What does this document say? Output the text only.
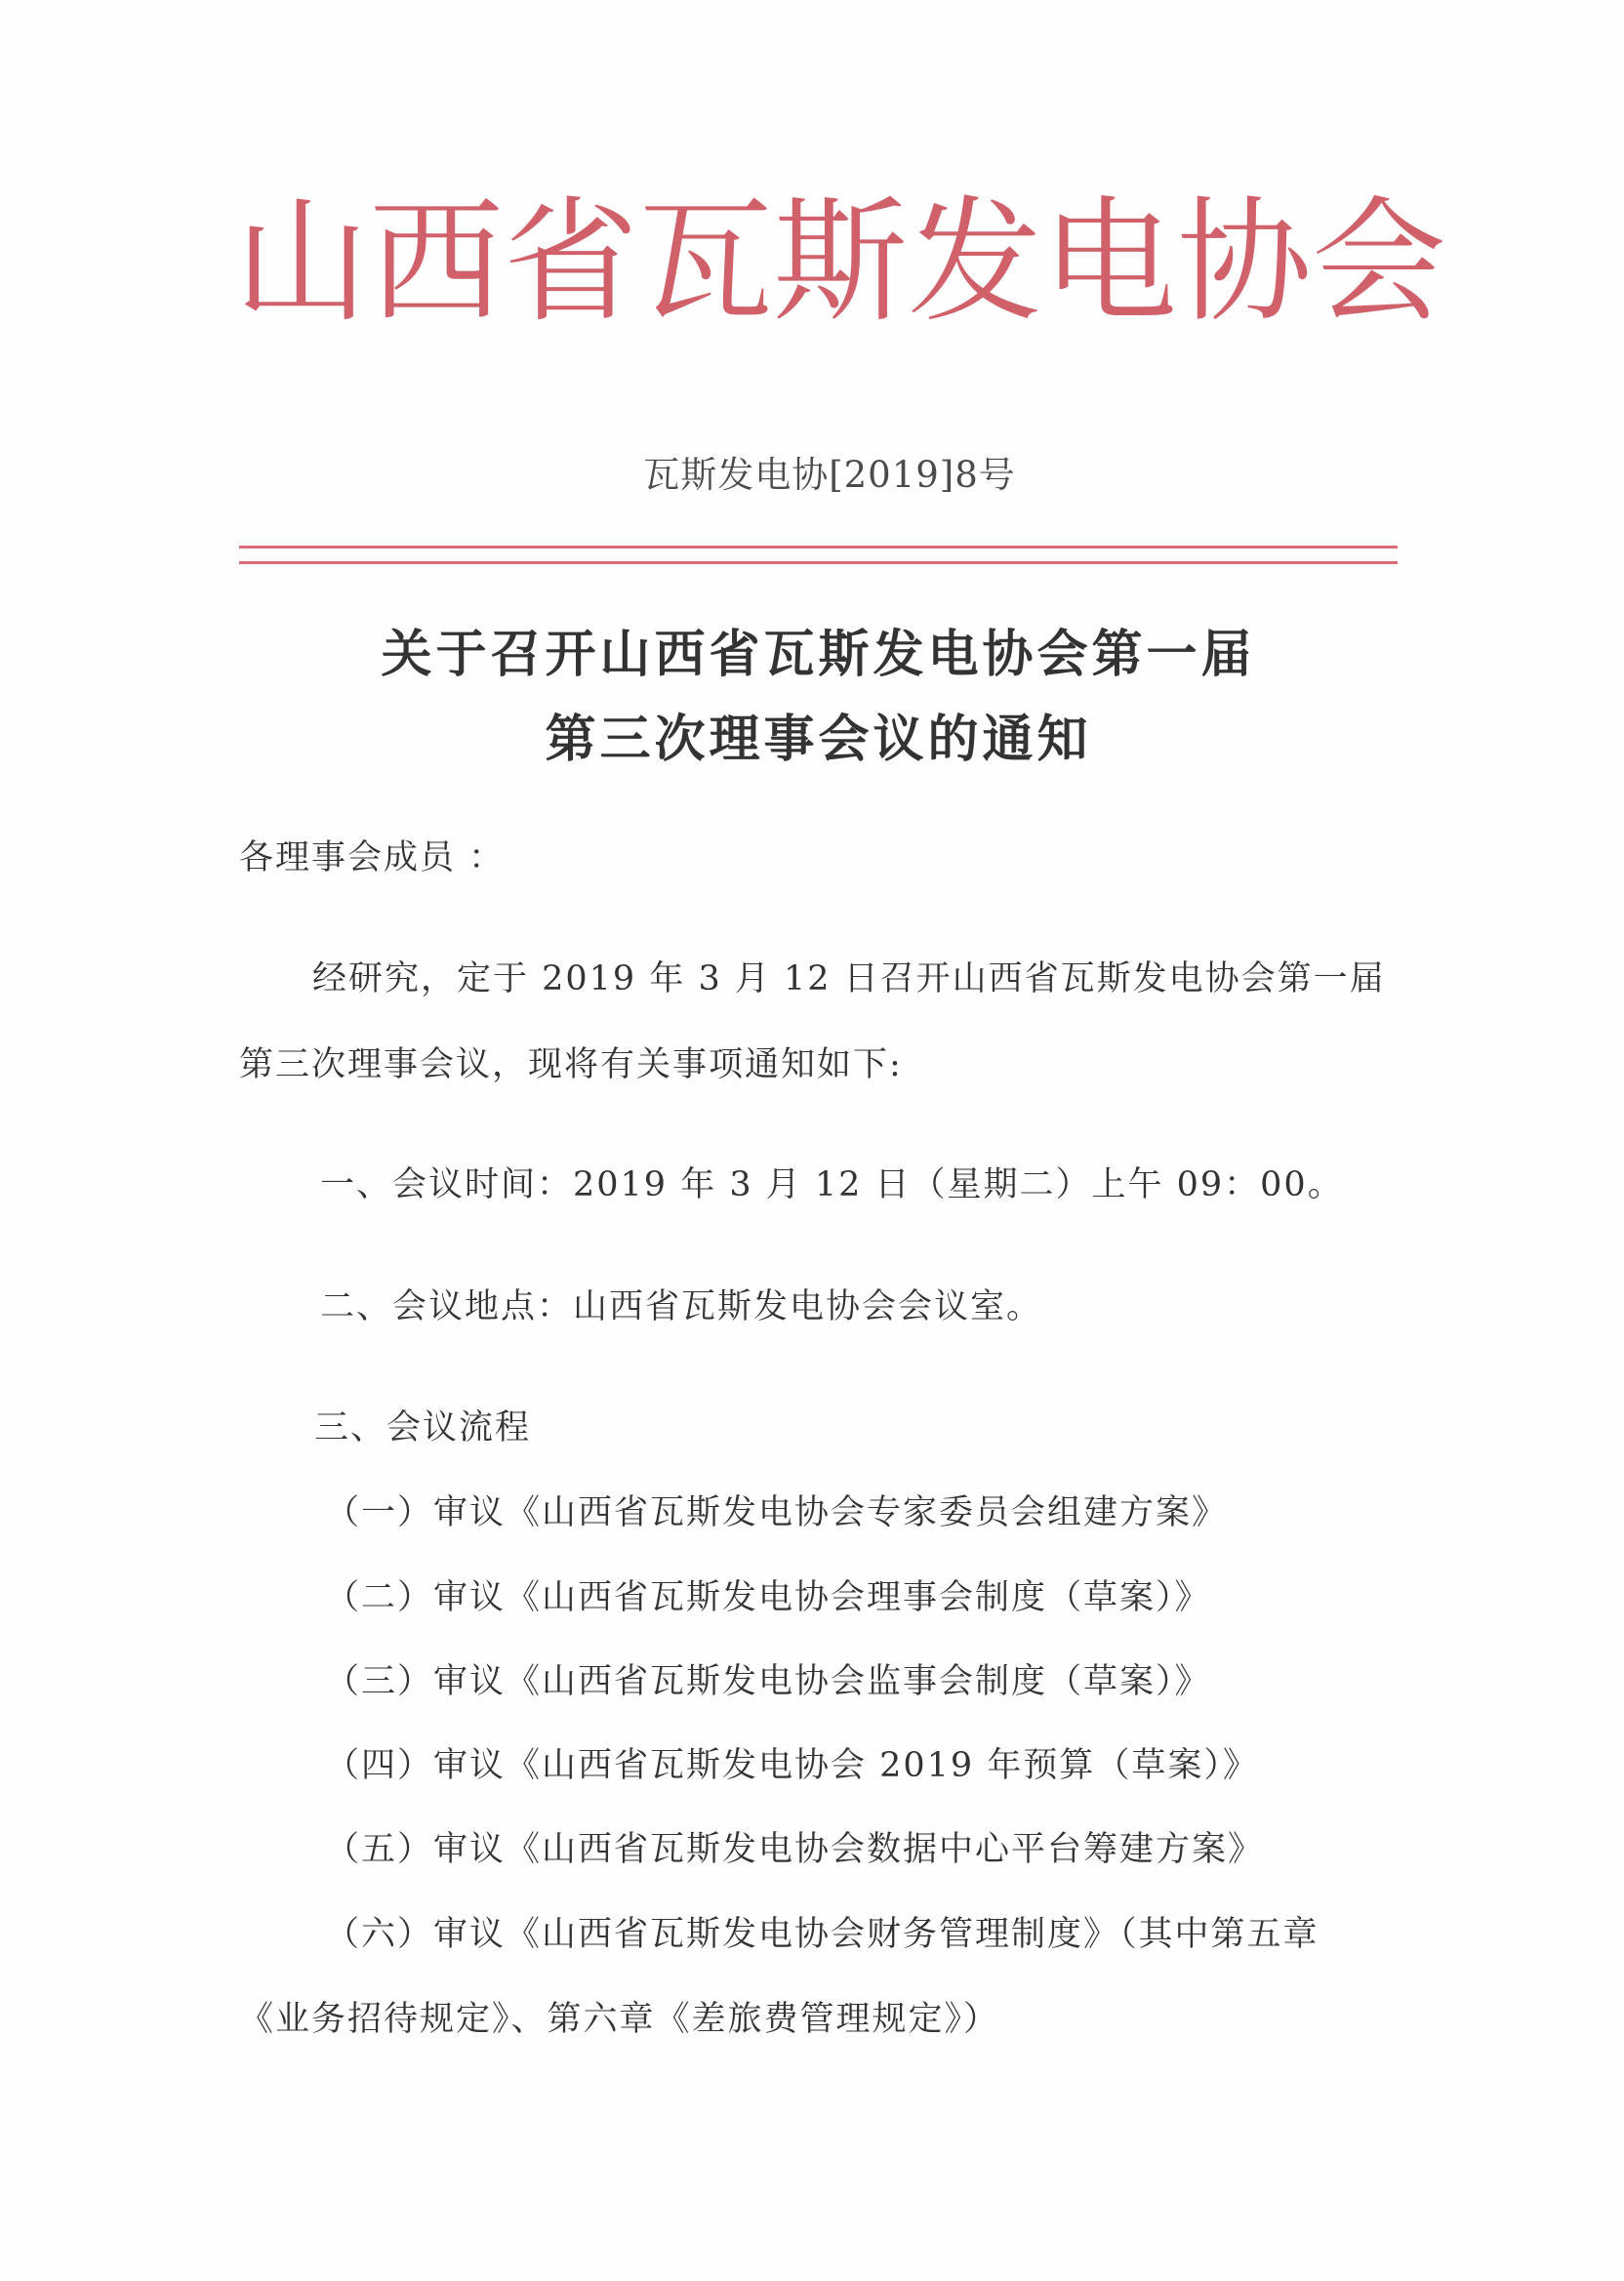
山西省瓦斯发电协会
瓦斯发电协[2019]8号
关于召开山西省瓦斯发电协会第一届
第三次理事会议的通知
各理事会成员 ：
经研究，定于 2019 年 3 月 12 日召开山西省瓦斯发电协会第一届
第三次理事会议，现将有关事项通知如下:
一、会议时间：2019 年 3 月 12 日（星期二）上午 09：00。
二、会议地点：山西省瓦斯发电协会会议室。
三、会议流程
（一）审议《山西省瓦斯发电协会专家委员会组建方案》
（二）审议《山西省瓦斯发电协会理事会制度（草案）》
（三）审议《山西省瓦斯发电协会监事会制度（草案）》
（四）审议《山西省瓦斯发电协会 2019 年预算（草案）》
（五）审议《山西省瓦斯发电协会数据中心平台筹建方案》
（六）审议《山西省瓦斯发电协会财务管理制度》（其中第五章
《业务招待规定》、第六章《差旅费管理规定》）
